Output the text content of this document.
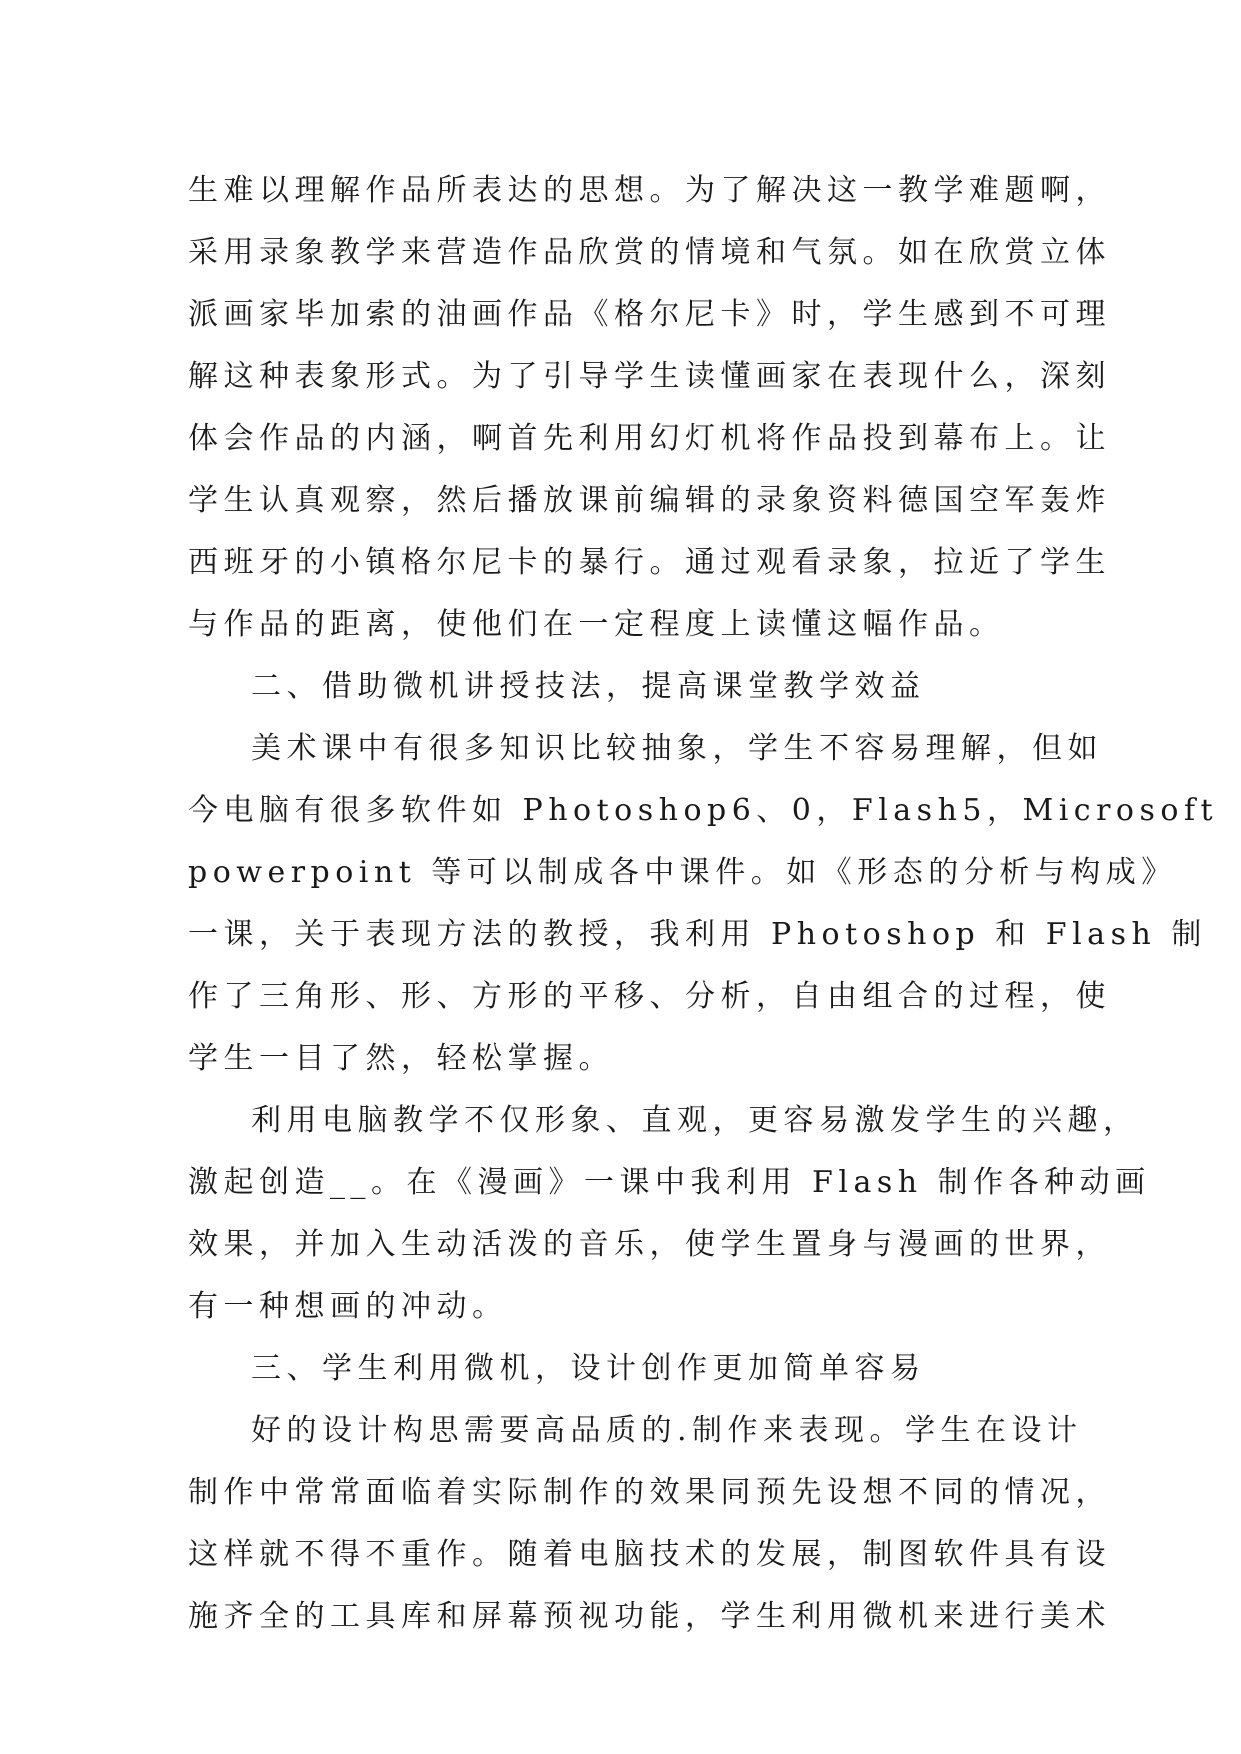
生难以理解作品所表达的思想。为了解决这一教学难题啊，
采用录象教学来营造作品欣赏的情境和气氛。如在欣赏立体
派画家毕加索的油画作品《格尔尼卡》时，学生感到不可理
解这种表象形式。为了引导学生读懂画家在表现什么，深刻
体会作品的内涵，啊首先利用幻灯机将作品投到幕布上。让
学生认真观察，然后播放课前编辑的录象资料德国空军轰炸
西班牙的小镇格尔尼卡的暴行。通过观看录象，拉近了学生
与作品的距离，使他们在一定程度上读懂这幅作品。
二、借助微机讲授技法，提高课堂教学效益
美术课中有很多知识比较抽象，学生不容易理解，但如
今电脑有很多软件如 Photoshop6、0，Flash5，Microsoft
powerpoint 等可以制成各中课件。如《形态的分析与构成》
一课，关于表现方法的教授，我利用 Photoshop 和 Flash 制
作了三角形、形、方形的平移、分析，自由组合的过程，使
学生一目了然，轻松掌握。
利用电脑教学不仅形象、直观，更容易激发学生的兴趣，
激起创造__。在《漫画》一课中我利用 Flash 制作各种动画
效果，并加入生动活泼的音乐，使学生置身与漫画的世界，
有一种想画的冲动。
三、学生利用微机，设计创作更加简单容易
好的设计构思需要高品质的.制作来表现。学生在设计
制作中常常面临着实际制作的效果同预先设想不同的情况，
这样就不得不重作。随着电脑技术的发展，制图软件具有设
施齐全的工具库和屏幕预视功能，学生利用微机来进行美术
